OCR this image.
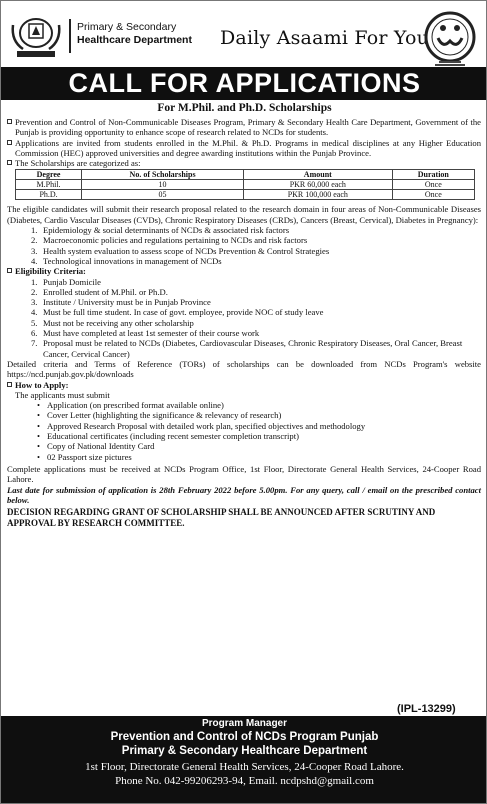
Primary & Secondary
Healthcare Department Daily Asaami For You
CALL FOR APPLICATIONS
For M.Phil. and Ph.D. Scholarships
Prevention and Control of Non-Communicable Diseases Program, Primary & Secondary Health Care Department, Government of the Punjab is providing opportunity to enhance scope of research related to NCDs for students.
Applications are invited from students enrolled in the M.Phil. & Ph.D. Programs in medical disciplines at any Higher Education Commission (HEC) approved universities and degree awarding institutions within the Punjab Province.
The Scholarships are categorized as:
Degree	No. of Scholarships	Amount	Duration
M.Phil.	10	PKR 60,000 each	Once
Ph.D.	05	PKR 100,000 each	Once
The eligible candidates will submit their research proposal related to the research domain in four areas of Non-Communicable Diseases (Diabetes, Cardio Vascular Diseases (CVDs), Chronic Respiratory Diseases (CRDs), Cancers (Breast, Cervical), Diabetes in Pregnancy):
1. Epidemiology & social determinants of NCDs & associated risk factors
2. Macroeconomic policies and regulations pertaining to NCDs and risk factors
3. Health system evaluation to assess scope of NCDs Prevention & Control Strategies
4. Technological innovations in management of NCDs
Eligibility Criteria:
1. Punjab Domicile
2. Enrolled student of M.Phil. or Ph.D.
3. Institute / University must be in Punjab Province
4. Must be full time student. In case of govt. employee, provide NOC of study leave
5. Must not be receiving any other scholarship
6. Must have completed at least 1st semester of their course work
7. Proposal must be related to NCDs (Diabetes, Cardiovascular Diseases, Chronic Respiratory Diseases, Oral Cancer, Breast Cancer, Cervical Cancer)
Detailed criteria and Terms of Reference (TORs) of scholarships can be downloaded from NCDs Program's website https://ncd.punjab.gov.pk/downloads
How to Apply:
The applicants must submit
• Application (on prescribed format available online)
• Cover Letter (highlighting the significance & relevancy of research)
• Approved Research Proposal with detailed work plan, specified objectives and methodology
• Educational certificates (including recent semester completion transcript)
• Copy of National Identity Card
• 02 Passport size pictures
Complete applications must be received at NCDs Program Office, 1st Floor, Directorate General Health Services, 24-Cooper Road Lahore.
Last date for submission of application is 28th February 2022 before 5.00pm. For any query, call / email on the prescribed contact below.
DECISION REGARDING GRANT OF SCHOLARSHIP SHALL BE ANNOUNCED AFTER SCRUTINY AND APPROVAL BY RESEARCH COMMITTEE.
(IPL-13299)
Program Manager
Prevention and Control of NCDs Program Punjab
Primary & Secondary Healthcare Department
1st Floor, Directorate General Health Services, 24-Cooper Road Lahore.
Phone No. 042-99206293-94, Email. ncdpshd@gmail.com
